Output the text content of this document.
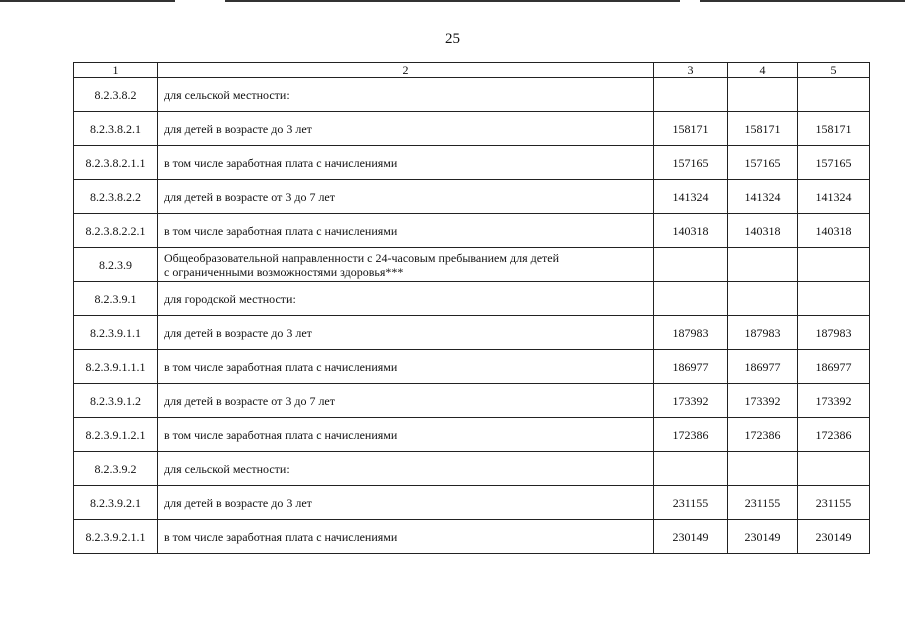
25
1	2	3	4	5
8.2.3.8.2	для сельской местности:			

8.2.3.8.2.1	для детей в возрасте до 3 лет	158171	158171	158171
8.2.3.8.2.1.1	в том числе заработная плата с начислениями	157165	157165	157165
8.2.3.8.2.2	для детей в возрасте от 3 до 7 лет	141324	141324	141324
8.2.3.8.2.2.1	в том числе заработная плата с начислениями	140318	140318	140318
8.2.3.9	Общеобразовательной направленности с 24-часовым пребыванием для детей
с ограниченными возможностями здоровья***			

8.2.3.9.1	для городской местности:			

8.2.3.9.1.1	для детей в возрасте до 3 лет	187983	187983	187983
8.2.3.9.1.1.1	в том числе заработная плата с начислениями	186977	186977	186977
8.2.3.9.1.2	для детей в возрасте от 3 до 7 лет	173392	173392	173392
8.2.3.9.1.2.1	в том числе заработная плата с начислениями	172386	172386	172386
8.2.3.9.2	для сельской местности:			

8.2.3.9.2.1	для детей в возрасте до 3 лет	231155	231155	231155
8.2.3.9.2.1.1	в том числе заработная плата с начислениями	230149	230149	230149
